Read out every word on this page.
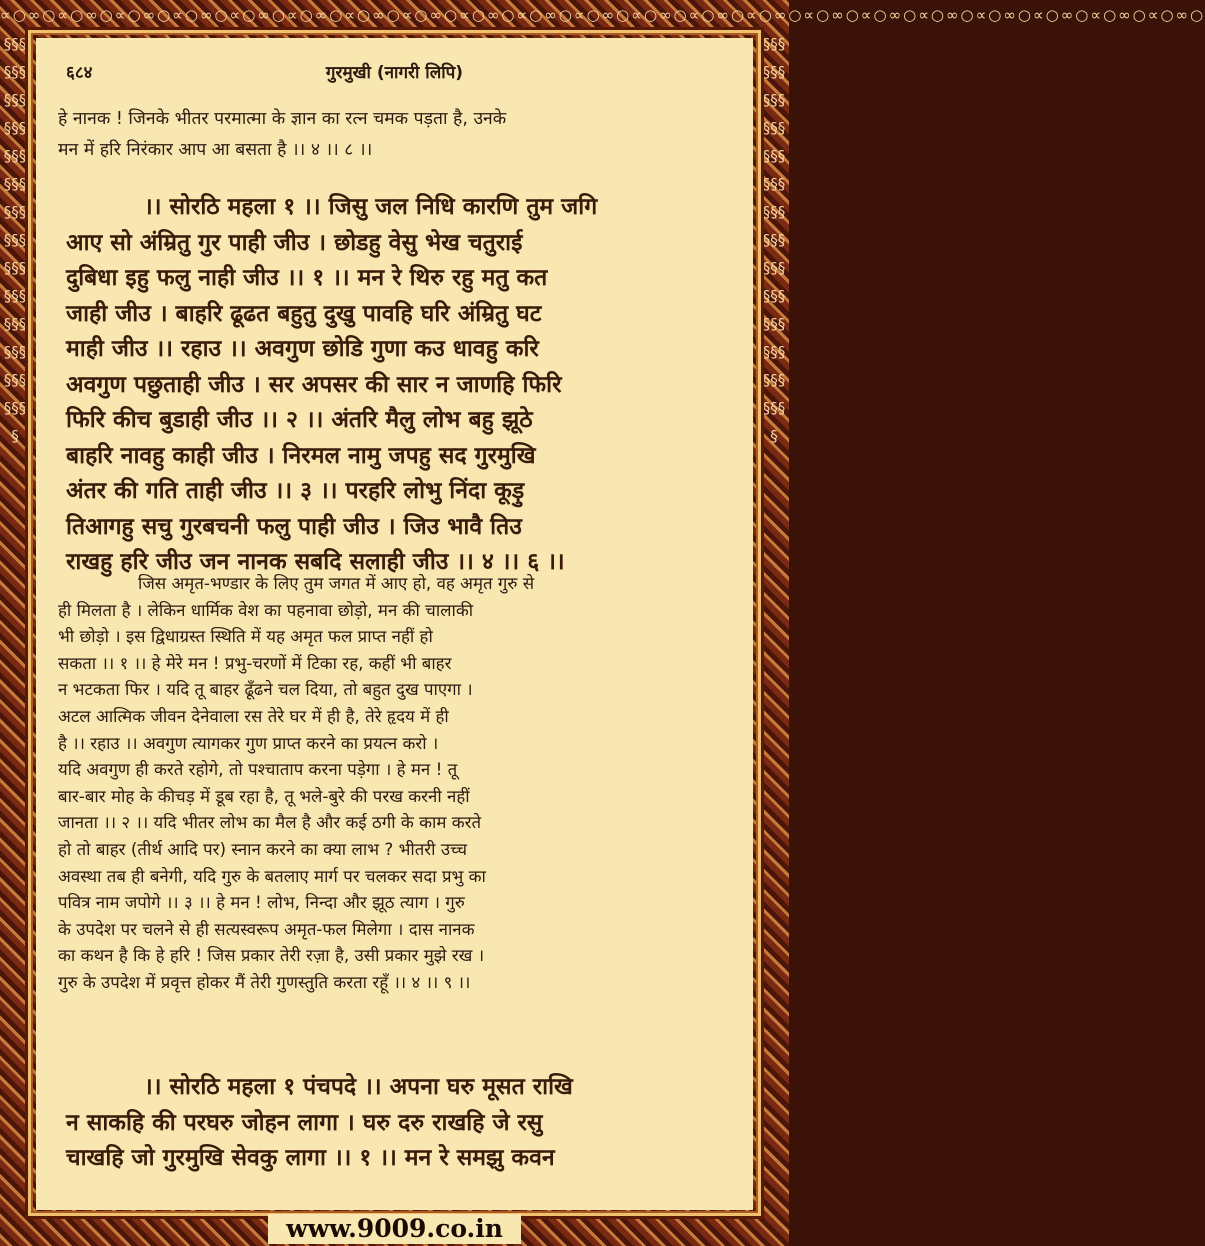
∝○∞○∝○∞○∝○∞○∝○∞○∝○∞○∝○∞○∝○∞○∝○∞○∝○∞○∝○∞○∝○∞○∝○∞○∝○∞○∝○∞○∝○∞○∝○∞○∝○∞○∝○∞○∝○∞○∝○∞○∝○∞○
§§§§§§§§§§§§§§§§§§§§§§§§§§§§§§§§§§§§§§§§§§§
§§§§§§§§§§§§§§§§§§§§§§§§§§§§§§§§§§§§§§§§§§§
६८४	गुरमुखी (नागरी लिपि)
हे नानक ! जिनके भीतर परमात्मा के ज्ञान का रत्न चमक पड़ता है, उनके
मन में हरि निरंकार आप आ बसता है ।। ४ ।। ८ ।।
।। सोरठि महला १ ।। जिसु जल निधि कारणि तुम जगि
आए सो अंम्रितु गुर पाही जीउ । छोडहु वेसु भेख चतुराई
दुबिधा इहु फलु नाही जीउ ।। १ ।। मन रे थिरु रहु मतु कत
जाही जीउ । बाहरि ढूढत बहुतु दुखु पावहि घरि अंम्रितु घट
माही जीउ ।। रहाउ ।। अवगुण छोडि गुणा कउ धावहु करि
अवगुण पछुताही जीउ । सर अपसर की सार न जाणहि फिरि
फिरि कीच बुडाही जीउ ।। २ ।। अंतरि मैलु लोभ बहु झूठे
बाहरि नावहु काही जीउ । निरमल नामु जपहु सद गुरमुखि
अंतर की गति ताही जीउ ।। ३ ।। परहरि लोभु निंदा कूड़ु
तिआगहु सचु गुरबचनी फलु पाही जीउ । जिउ भावै तिउ
राखहु हरि जीउ जन नानक सबदि सलाही जीउ ।। ४ ।। ६ ।।
जिस अमृत-भण्डार के लिए तुम जगत में आए हो, वह अमृत गुरु से
ही मिलता है । लेकिन धार्मिक वेश का पहनावा छोड़ो, मन की चालाकी
भी छोड़ो । इस द्विधाग्रस्त स्थिति में यह अमृत फल प्राप्त नहीं हो
सकता ।। १ ।। हे मेरे मन ! प्रभु-चरणों में टिका रह, कहीं भी बाहर
न भटकता फिर । यदि तू बाहर ढूँढने चल दिया, तो बहुत दुख पाएगा ।
अटल आत्मिक जीवन देनेवाला रस तेरे घर में ही है, तेरे हृदय में ही
है ।। रहाउ ।। अवगुण त्यागकर गुण प्राप्त करने का प्रयत्न करो ।
यदि अवगुण ही करते रहोगे, तो पश्चाताप करना पड़ेगा । हे मन ! तू
बार-बार मोह के कीचड़ में डूब रहा है, तू भले-बुरे की परख करनी नहीं
जानता ।। २ ।। यदि भीतर लोभ का मैल है और कई ठगी के काम करते
हो तो बाहर (तीर्थ आदि पर) स्नान करने का क्या लाभ ? भीतरी उच्च
अवस्था तब ही बनेगी, यदि गुरु के बतलाए मार्ग पर चलकर सदा प्रभु का
पवित्र नाम जपोगे ।। ३ ।। हे मन ! लोभ, निन्दा और झूठ त्याग । गुरु
के उपदेश पर चलने से ही सत्यस्वरूप अमृत-फल मिलेगा । दास नानक
का कथन है कि हे हरि ! जिस प्रकार तेरी रज़ा है, उसी प्रकार मुझे रख ।
गुरु के उपदेश में प्रवृत्त होकर मैं तेरी गुणस्तुति करता रहूँ ।। ४ ।। ९ ।।
।। सोरठि महला १ पंचपदे ।। अपना घरु मूसत राखि
न साकहि की परघरु जोहन लागा । घरु दरु राखहि जे रसु
चाखहि जो गुरमुखि सेवकु लागा ।। १ ।। मन रे समझु कवन
www.9009.co.in
